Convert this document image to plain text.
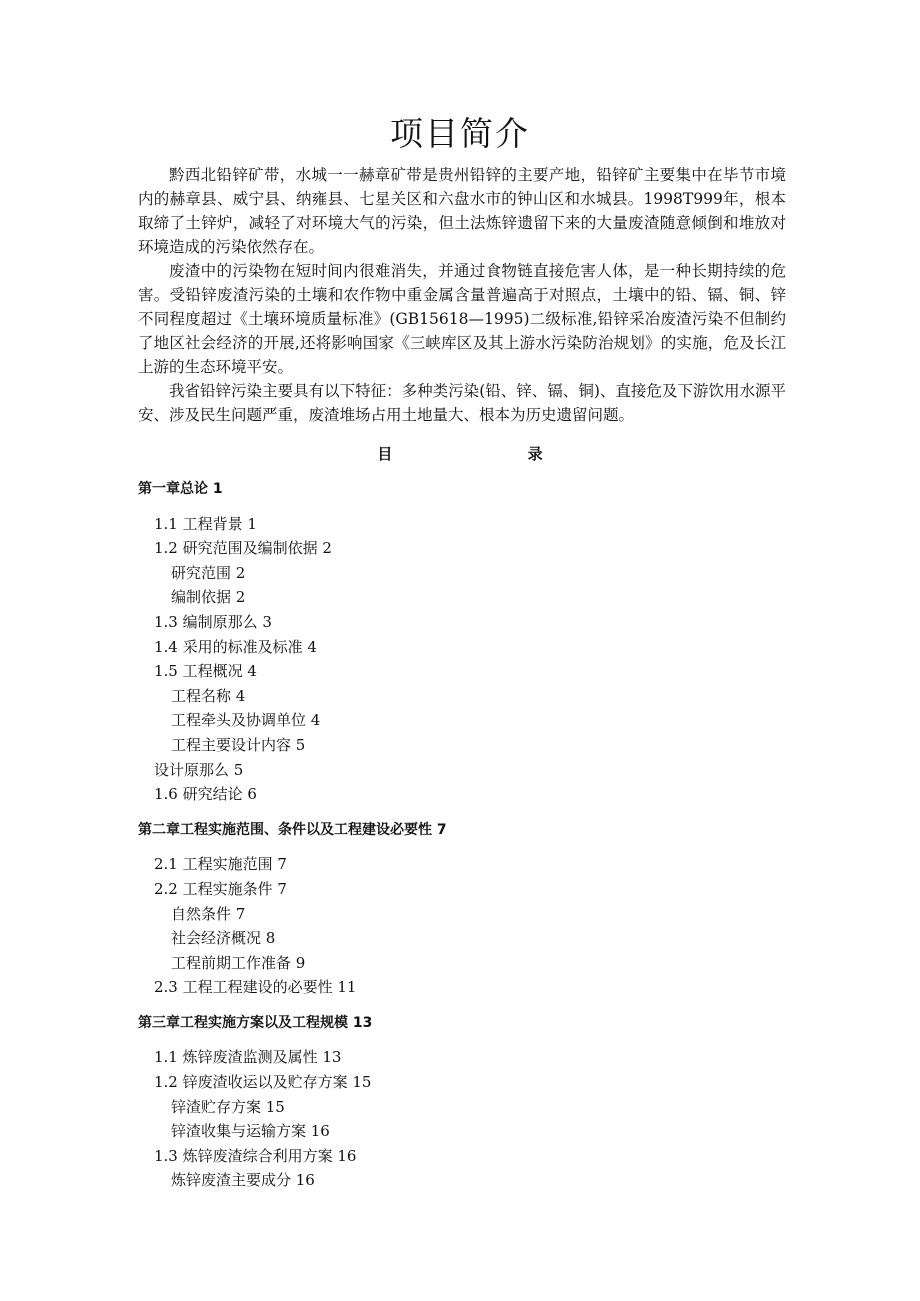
项目简介

黔西北铅锌矿带，水城一一赫章矿带是贵州铅锌的主要产地，铅锌矿主要集中在毕节市境内的赫章县、威宁县、纳雍县、七星关区和六盘水市的钟山区和水城县。1998T999年，根本取缔了土锌炉，减轻了对环境大气的污染，但土法炼锌遗留下来的大量废渣随意倾倒和堆放对环境造成的污染依然存在。

废渣中的污染物在短时间内很难消失，并通过食物链直接危害人体，是一种长期持续的危害。受铅锌废渣污染的土壤和农作物中重金属含量普遍高于对照点，土壤中的铅、镉、铜、锌不同程度超过《土壤环境质量标准》(GB15618—1995)二级标准,铅锌采冶废渣污染不但制约了地区社会经济的开展,还将影响国家《三峡库区及其上游水污染防治规划》的实施，危及长江上游的生态环境平安。

我省铅锌污染主要具有以下特征：多种类污染(铅、锌、镉、铜)、直接危及下游饮用水源平安、涉及民生问题严重，废渣堆场占用土地量大、根本为历史遗留问题。

目 录
第一章总论 1
1.1 工程背景 1
1.2 研究范围及编制依据 2
研究范围 2
编制依据 2
1.3 编制原那么 3
1.4 采用的标准及标准 4
1.5 工程概况 4
工程名称 4
工程牵头及协调单位 4
工程主要设计内容 5
设计原那么 5
1.6 研究结论 6
第二章工程实施范围、条件以及工程建设必要性 7
2.1 工程实施范围 7
2.2 工程实施条件 7
自然条件 7
社会经济概况 8
工程前期工作准备 9
2.3 工程工程建设的必要性 11
第三章工程实施方案以及工程规模 13
1.1 炼锌废渣监测及属性 13
1.2 锌废渣收运以及贮存方案 15
锌渣贮存方案 15
锌渣收集与运输方案 16
1.3 炼锌废渣综合利用方案 16
炼锌废渣主要成分 16
